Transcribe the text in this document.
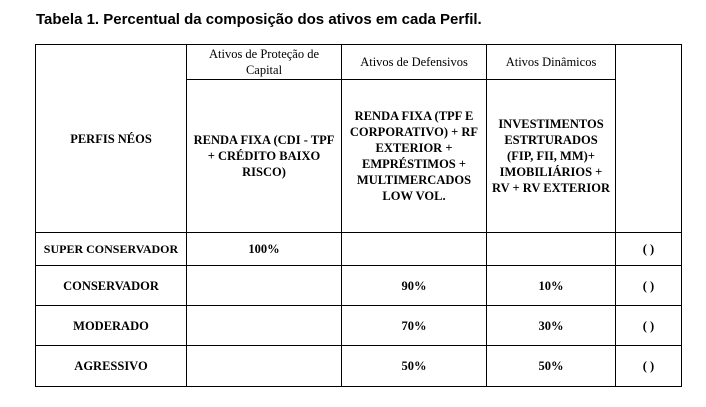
Tabela 1. Percentual da composição dos ativos em cada Perfil.
PERFIS NÉOS	Ativos de Proteção de Capital	Ativos de Defensivos	Ativos Dinâmicos	
	RENDA FIXA (CDI - TPF + CRÉDITO BAIXO RISCO)	RENDA FIXA (TPF E CORPORATIVO) + RF EXTERIOR + EMPRÉSTIMOS + MULTIMERCADOS LOW VOL.	INVESTIMENTOS ESTRTURADOS (FIP, FII, MM)+ IMOBILIÁRIOS + RV + RV EXTERIOR	
SUPER CONSERVADOR	100%			( )
CONSERVADOR		90%	10%	( )
MODERADO		70%	30%	( )
AGRESSIVO		50%	50%	( )
